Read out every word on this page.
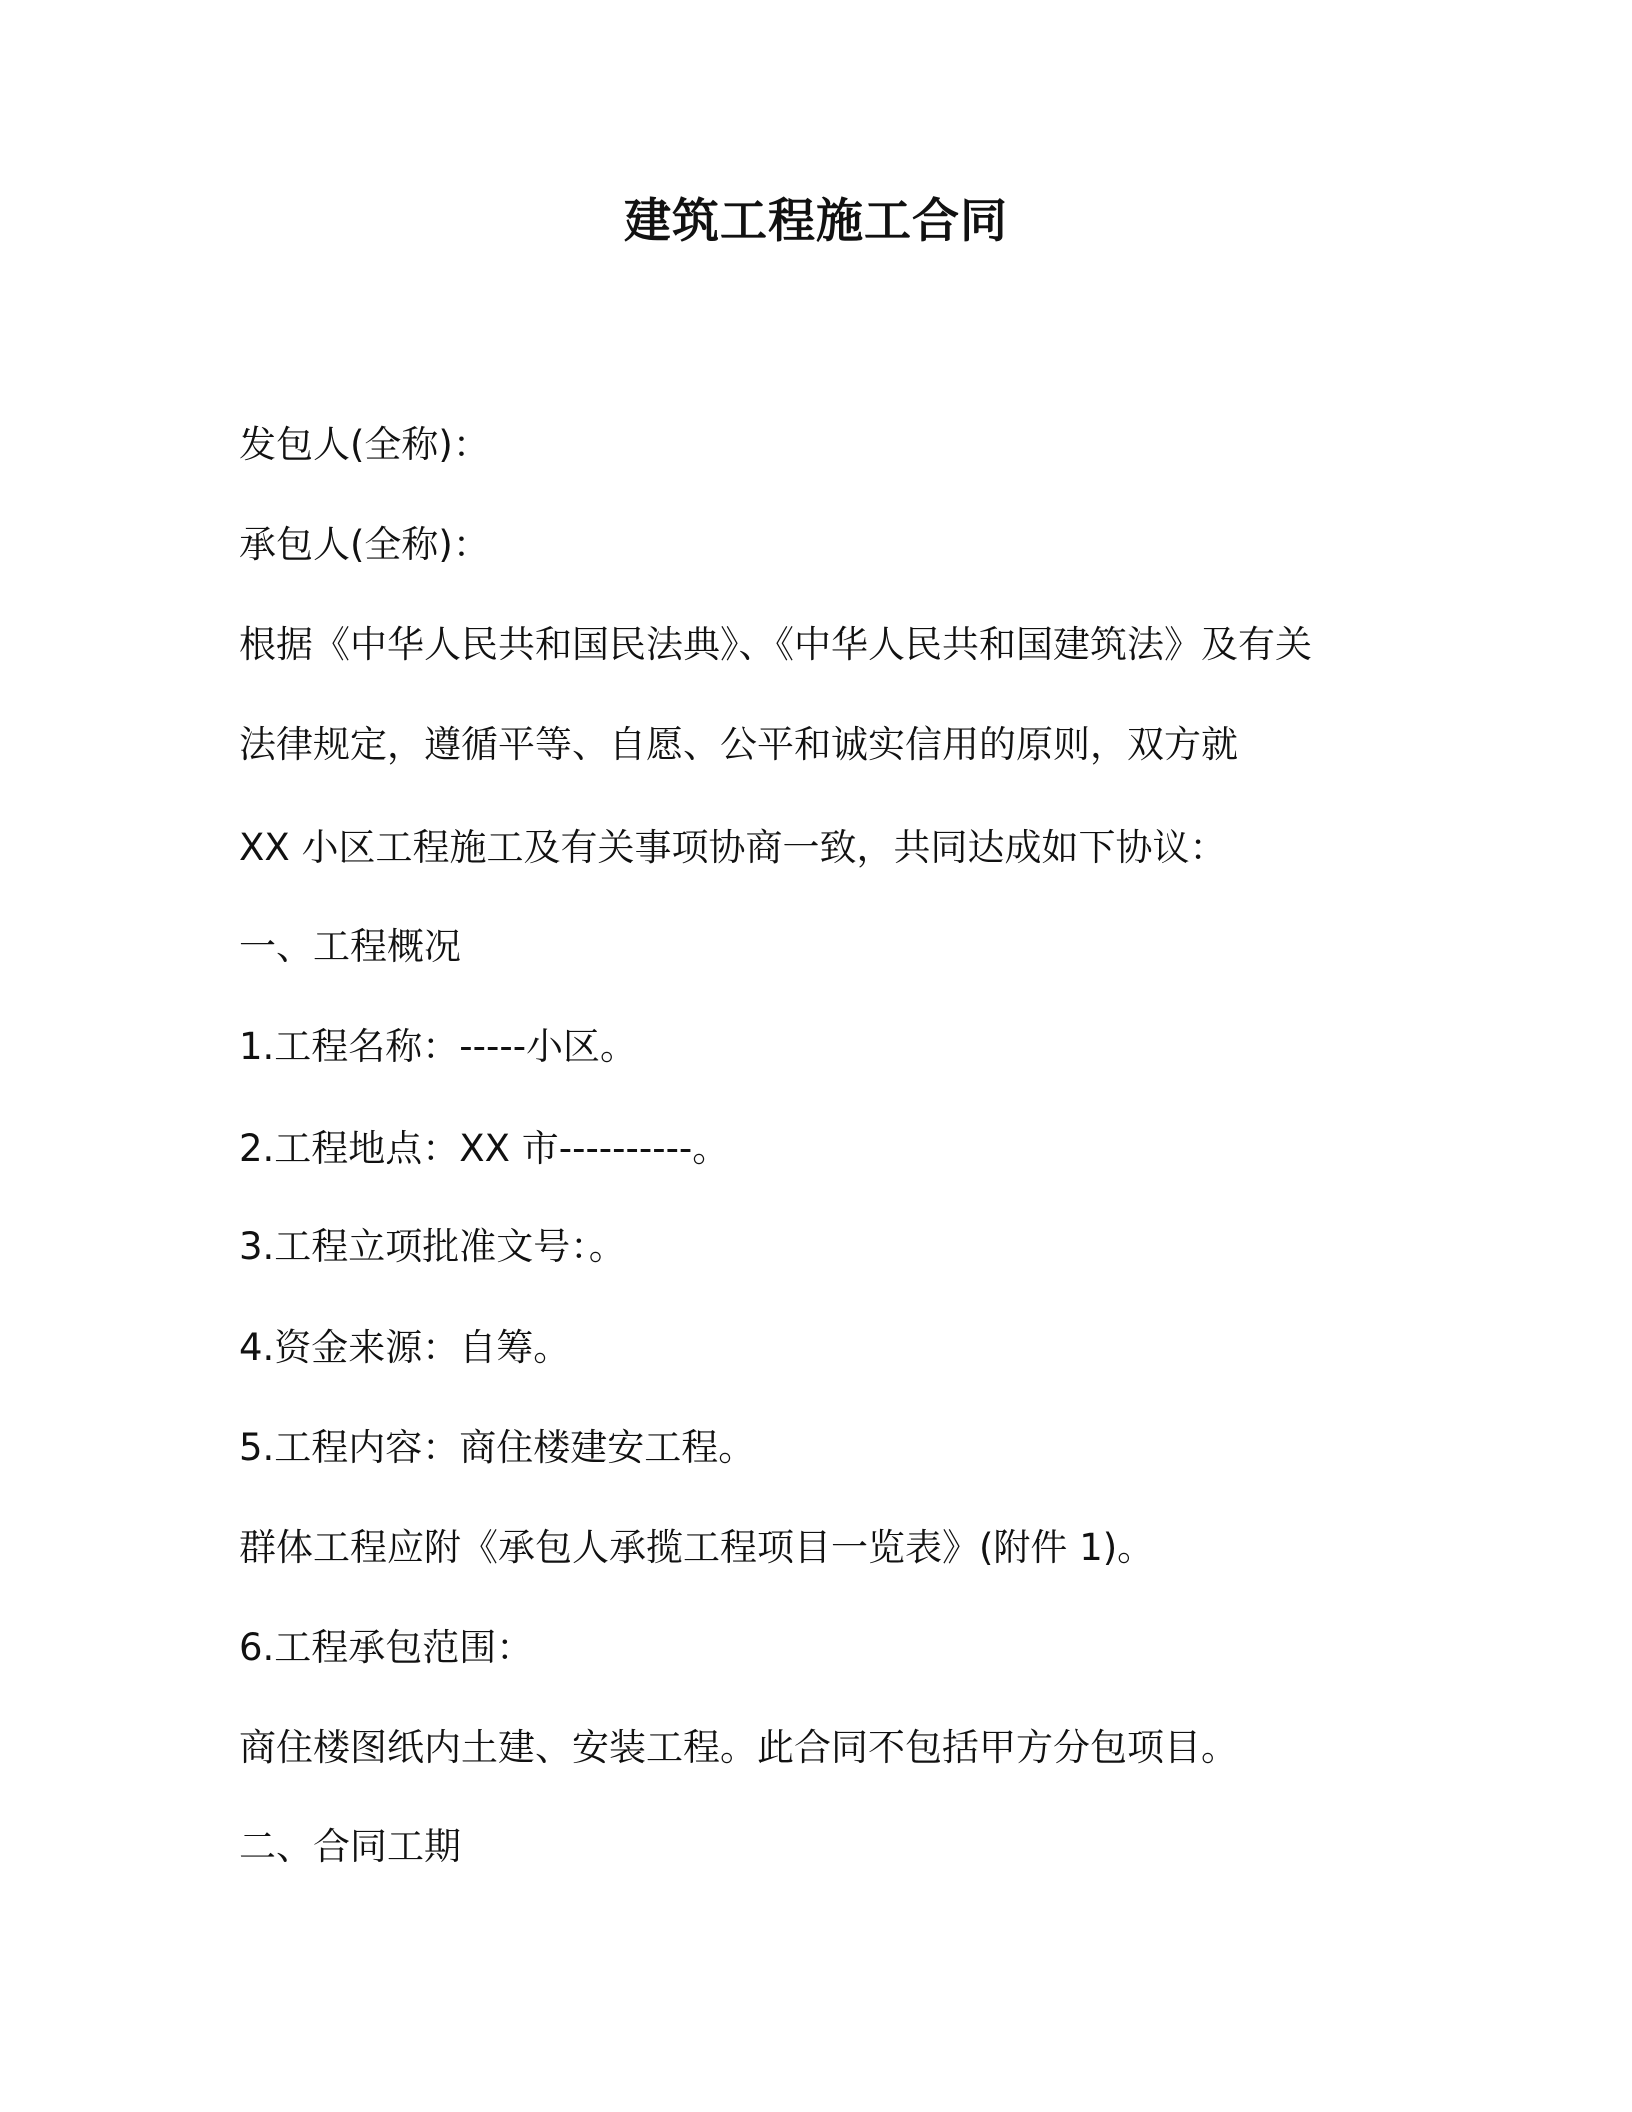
建筑工程施工合同
发包人(全称)：
承包人(全称)：
根据《中华人民共和国民法典》、《中华人民共和国建筑法》及有关
法律规定，遵循平等、自愿、公平和诚实信用的原则，双方就
XX 小区工程施工及有关事项协商一致，共同达成如下协议：
一、工程概况
1.工程名称：-----小区。
2.工程地点：XX 市----------。
3.工程立项批准文号：。
4.资金来源：自筹。
5.工程内容：商住楼建安工程。
群体工程应附《承包人承揽工程项目一览表》(附件 1)。
6.工程承包范围：
商住楼图纸内土建、安装工程。此合同不包括甲方分包项目。
二、合同工期
